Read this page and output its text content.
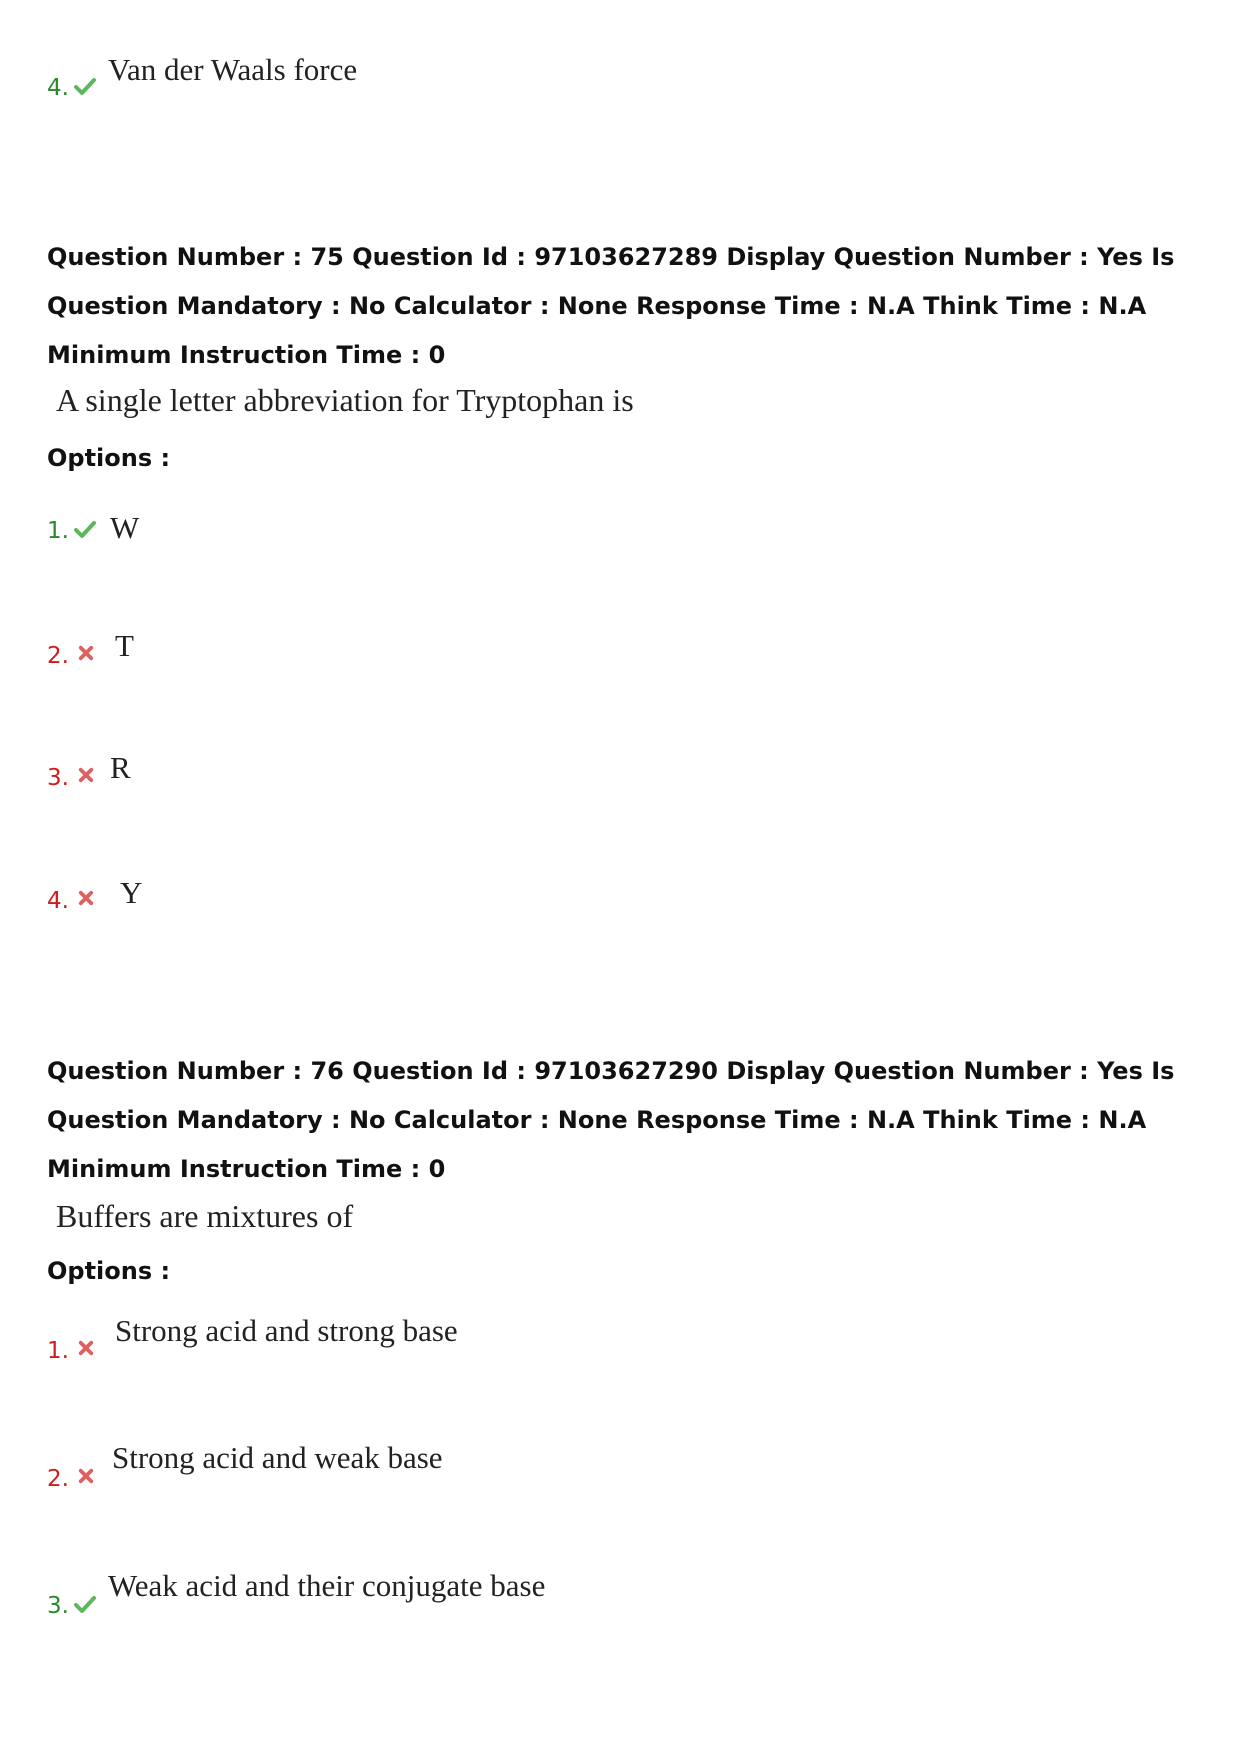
4.
Van der Waals force
Question Number : 75 Question Id : 97103627289 Display Question Number : Yes Is Question Mandatory : No Calculator : None Response Time : N.A Think Time : N.A Minimum Instruction Time : 0
A single letter abbreviation for Tryptophan is
Options :
1. W
2. T
3. R
4. Y
Question Number : 76 Question Id : 97103627290 Display Question Number : Yes Is Question Mandatory : No Calculator : None Response Time : N.A Think Time : N.A Minimum Instruction Time : 0
Buffers are mixtures of
Options :
1.
Strong acid and strong base
2.
Strong acid and weak base
3.
Weak acid and their conjugate base
